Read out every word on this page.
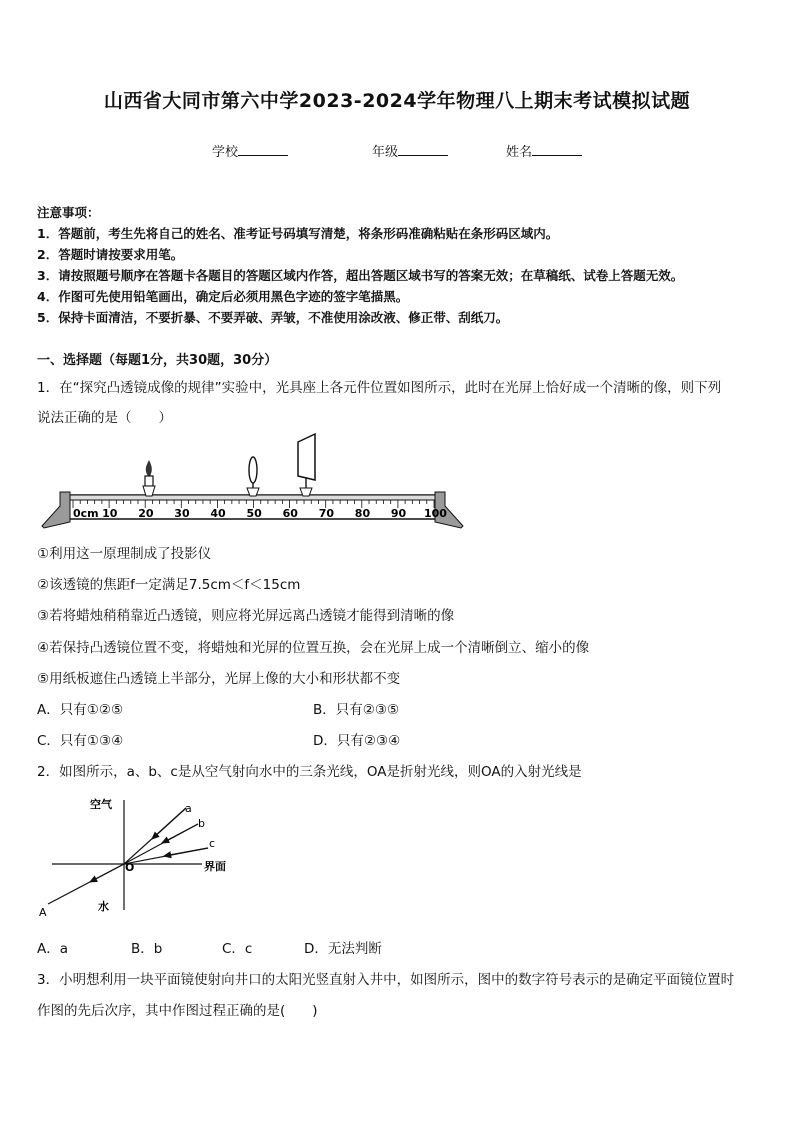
山西省大同市第六中学2023-2024学年物理八上期末考试模拟试题
学校	年级	姓名
注意事项：
1．答题前，考生先将自己的姓名、准考证号码填写清楚，将条形码准确粘贴在条形码区域内。
2．答题时请按要求用笔。
3．请按照题号顺序在答题卡各题目的答题区域内作答，超出答题区域书写的答案无效；在草稿纸、试卷上答题无效。
4．作图可先使用铅笔画出，确定后必须用黑色字迹的签字笔描黑。
5．保持卡面清洁，不要折暴、不要弄破、弄皱，不准使用涂改液、修正带、刮纸刀。
一、选择题（每题1分，共30题，30分）
1．在“探究凸透镜成像的规律”实验中，光具座上各元件位置如图所示，此时在光屏上恰好成一个清晰的像，则下列
说法正确的是（　　）
0cm 10 20 30 40 50 60 70 80 90 100
①利用这一原理制成了投影仪
②该透镜的焦距f一定满足7.5cm＜f＜15cm
③若将蜡烛稍稍靠近凸透镜，则应将光屏远离凸透镜才能得到清晰的像
④若保持凸透镜位置不变，将蜡烛和光屏的位置互换，会在光屏上成一个清晰倒立、缩小的像
⑤用纸板遮住凸透镜上半部分，光屏上像的大小和形状都不变
A．只有①②⑤	B．只有②③⑤
C．只有①③④	D．只有②③④
2．如图所示，a、b、c是从空气射向水中的三条光线，OA是折射光线，则OA的入射光线是
空气
水
界面
O
A
a
b
c
A．a	B．b	C．c	D．无法判断
3．小明想利用一块平面镜使射向井口的太阳光竖直射入井中，如图所示，图中的数字符号表示的是确定平面镜位置时
作图的先后次序，其中作图过程正确的是(　　)
